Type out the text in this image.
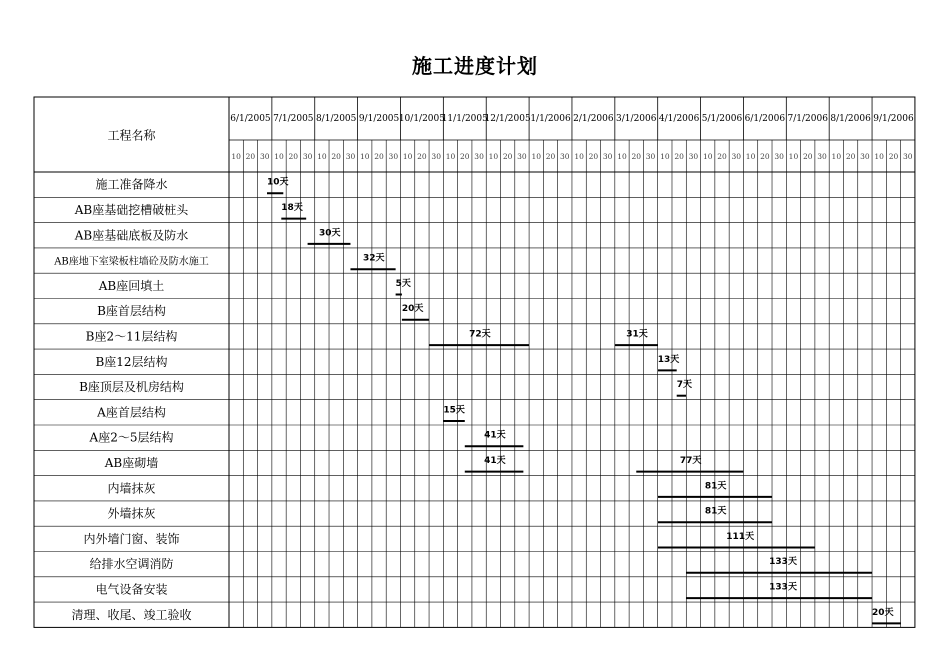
施工进度计划
工程名称
6/1/2005 7/1/2005 8/1/2005 9/1/2005 10/1/2005
11/1/2005
12/1/2005 1/1/2006 2/1/2006 3/1/2006 4/1/2006 5/1/2006 6/1/2006 7/1/2006 8/1/2006 9/1/2006
10 20 30 10 20 30 10 20 30 10 20 30 10 20 30 10 20 30 10 20 30 10 20 30 10 20 30 10 20 30 10 20 30 10 20 30 10 20 30 10 20 30 10 20 30 10 20 30
施工准备降水	10天
AB座基础挖槽破桩头	18天
AB座基础底板及防水	30天
AB座地下室梁板柱墙砼及防水施工	32天
AB座回填土	5天
B座首层结构	20天
B座2～11层结构	72天	31天
B座12层结构	13天
B座顶层及机房结构	7天
A座首层结构	15天
A座2～5层结构	41天
AB座砌墙	41天	77天
内墙抹灰	81天
外墙抹灰	81天
内外墙门窗、装饰	111天
给排水空调消防	133天
电气设备安装	133天
清理、收尾、竣工验收	20天
